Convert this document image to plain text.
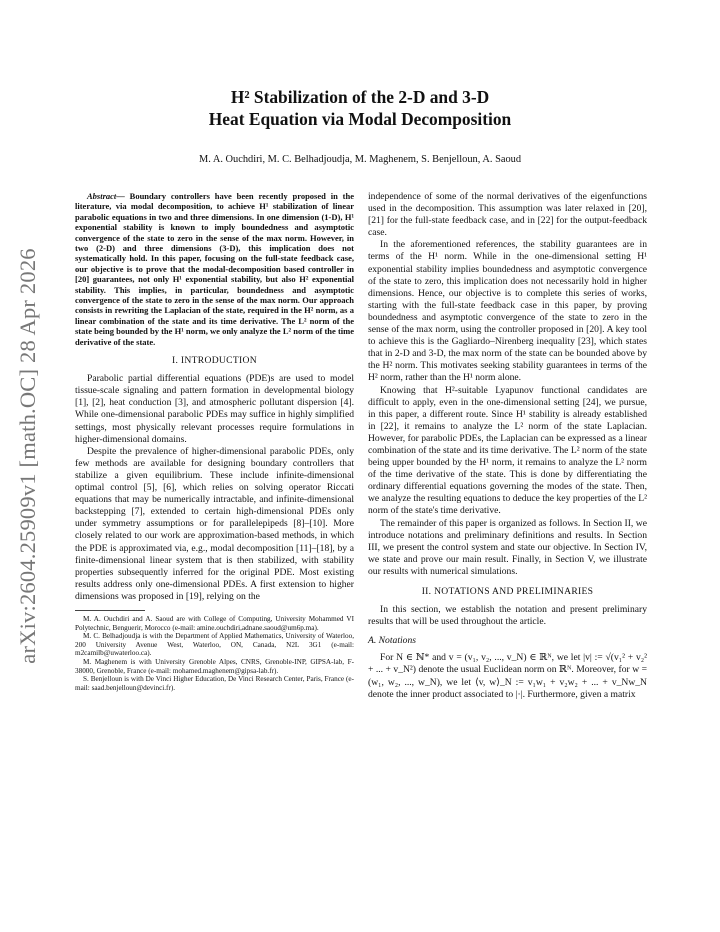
arXiv:2604.25909v1 [math.OC] 28 Apr 2026
H² Stabilization of the 2-D and 3-D
Heat Equation via Modal Decomposition
M. A. Ouchdiri, M. C. Belhadjoudja, M. Maghenem, S. Benjelloun, A. Saoud

Abstract— Boundary controllers have been recently proposed in the literature, via modal decomposition, to achieve H¹ stabilization of linear parabolic equations in two and three dimensions. In one dimension (1-D), H¹ exponential stability is known to imply boundedness and asymptotic convergence of the state to zero in the sense of the max norm. However, in two (2-D) and three dimensions (3-D), this implication does not systematically hold. In this paper, focusing on the full-state feedback case, our objective is to prove that the modal-decomposition based controller in [20] guarantees, not only H¹ exponential stability, but also H² exponential stability. This implies, in particular, boundedness and asymptotic convergence of the state to zero in the sense of the max norm. Our approach consists in rewriting the Laplacian of the state, required in the H² norm, as a linear combination of the state and its time derivative. The L² norm of the state being bounded by the H¹ norm, we only analyze the L² norm of the time derivative of the state.

I. INTRODUCTION

Parabolic partial differential equations (PDE)s are used to model tissue-scale signaling and pattern formation in developmental biology [1], [2], heat conduction [3], and atmospheric pollutant dispersion [4]. While one-dimensional parabolic PDEs may suffice in highly simplified settings, most physically relevant processes require formulations in higher-dimensional domains.

Despite the prevalence of higher-dimensional parabolic PDEs, only few methods are available for designing boundary controllers that stabilize a given equilibrium. These include infinite-dimensional optimal control [5], [6], which relies on solving operator Riccati equations that may be numerically intractable, and infinite-dimensional backstepping [7], extended to certain high-dimensional PDEs only under symmetry assumptions or for parallelepipeds [8]–[10]. More closely related to our work are approximation-based methods, in which the PDE is approximated via, e.g., modal decomposition [11]–[18], by a finite-dimensional linear system that is then stabilized, with stability properties subsequently inferred for the original PDE. Most existing results address only one-dimensional PDEs. A first extension to higher dimensions was proposed in [19], relying on the

M. A. Ouchdiri and A. Saoud are with College of Computing, University Mohammed VI Polytechnic, Benguerir, Morocco (e-mail: amine.ouchdiri,adnane.saoud@um6p.ma).

M. C. Belhadjoudja is with the Department of Applied Mathematics, University of Waterloo, 200 University Avenue West, Waterloo, ON, Canada, N2L 3G1 (e-mail: m2camilb@uwaterloo.ca).

M. Maghenem is with University Grenoble Alpes, CNRS, Grenoble-INP, GIPSA-lab, F-38000, Grenoble, France (e-mail: mohamed.maghenem@gipsa-lab.fr).

S. Benjelloun is with De Vinci Higher Education, De Vinci Research Center, Paris, France (e-mail: saad.benjelloun@devinci.fr).

independence of some of the normal derivatives of the eigenfunctions used in the decomposition. This assumption was later relaxed in [20], [21] for the full-state feedback case, and in [22] for the output-feedback case.

In the aforementioned references, the stability guarantees are in terms of the H¹ norm. While in the one-dimensional setting H¹ exponential stability implies boundedness and asymptotic convergence of the state to zero, this implication does not necessarily hold in higher dimensions. Hence, our objective is to complete this series of works, starting with the full-state feedback case in this paper, by proving boundedness and asymptotic convergence of the state to zero in the sense of the max norm, using the controller proposed in [20]. A key tool to achieve this is the Gagliardo–Nirenberg inequality [23], which states that in 2-D and 3-D, the max norm of the state can be bounded above by the H² norm. This motivates seeking stability guarantees in terms of the H² norm, rather than the H¹ norm alone.

Knowing that H²-suitable Lyapunov functional candidates are difficult to apply, even in the one-dimensional setting [24], we pursue, in this paper, a different route. Since H¹ stability is already established in [22], it remains to analyze the L² norm of the state Laplacian. However, for parabolic PDEs, the Laplacian can be expressed as a linear combination of the state and its time derivative. The L² norm of the state being upper bounded by the H¹ norm, it remains to analyze the L² norm of the time derivative of the state. This is done by differentiating the ordinary differential equations governing the modes of the state. Then, we analyze the resulting equations to deduce the key properties of the L² norm of the state's time derivative.

The remainder of this paper is organized as follows. In Section II, we introduce notations and preliminary definitions and results. In Section III, we present the control system and state our objective. In Section IV, we state and prove our main result. Finally, in Section V, we illustrate our results with numerical simulations.

II. NOTATIONS AND PRELIMINARIES

In this section, we establish the notation and present preliminary results that will be used throughout the article.

A. Notations

For N ∈ ℕ* and v = (v₁, v₂, ..., v_N) ∈ ℝᴺ, we let |v| := √(v₁² + v₂² + ... + v_N²) denote the usual Euclidean norm on ℝᴺ. Moreover, for w = (w₁, w₂, ..., w_N), we let ⟨v, w⟩_N := v₁w₁ + v₂w₂ + ... + v_Nw_N denote the inner product associated to |·|. Furthermore, given a matrix
